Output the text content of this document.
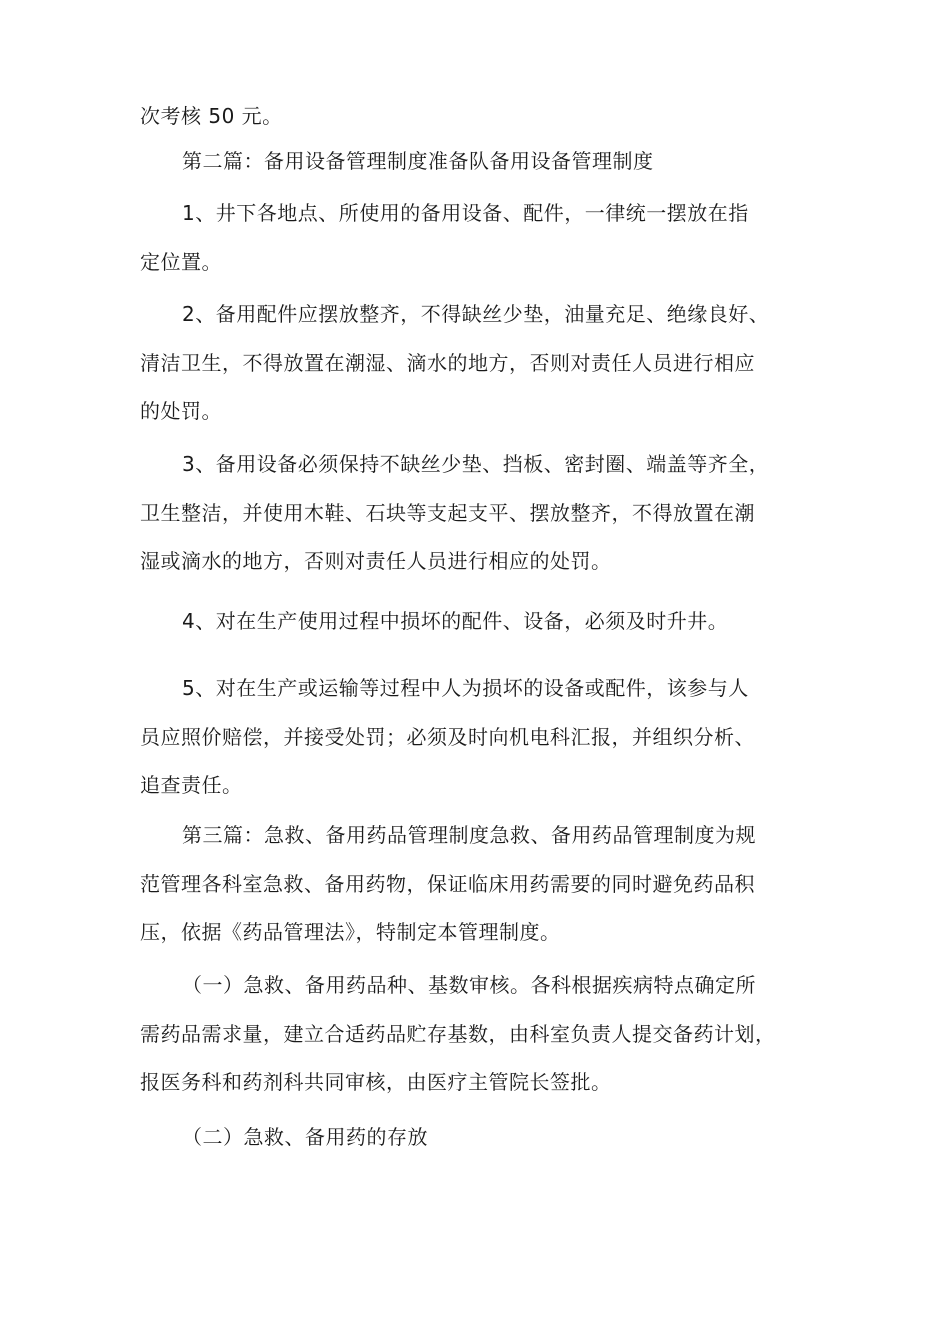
次考核 50 元。

第二篇：备用设备管理制度准备队备用设备管理制度

1、井下各地点、所使用的备用设备、配件，一律统一摆放在指
定位置。

2、备用配件应摆放整齐，不得缺丝少垫，油量充足、绝缘良好、
清洁卫生，不得放置在潮湿、滴水的地方，否则对责任人员进行相应
的处罚。

3、备用设备必须保持不缺丝少垫、挡板、密封圈、端盖等齐全，
卫生整洁，并使用木鞋、石块等支起支平、摆放整齐，不得放置在潮
湿或滴水的地方，否则对责任人员进行相应的处罚。

4、对在生产使用过程中损坏的配件、设备，必须及时升井。

5、对在生产或运输等过程中人为损坏的设备或配件，该参与人
员应照价赔偿，并接受处罚；必须及时向机电科汇报，并组织分析、
追查责任。

第三篇：急救、备用药品管理制度急救、备用药品管理制度为规
范管理各科室急救、备用药物，保证临床用药需要的同时避免药品积
压，依据《药品管理法》，特制定本管理制度。

（一）急救、备用药品种、基数审核。各科根据疾病特点确定所
需药品需求量，建立合适药品贮存基数，由科室负责人提交备药计划，
报医务科和药剂科共同审核，由医疗主管院长签批。

（二）急救、备用药的存放
